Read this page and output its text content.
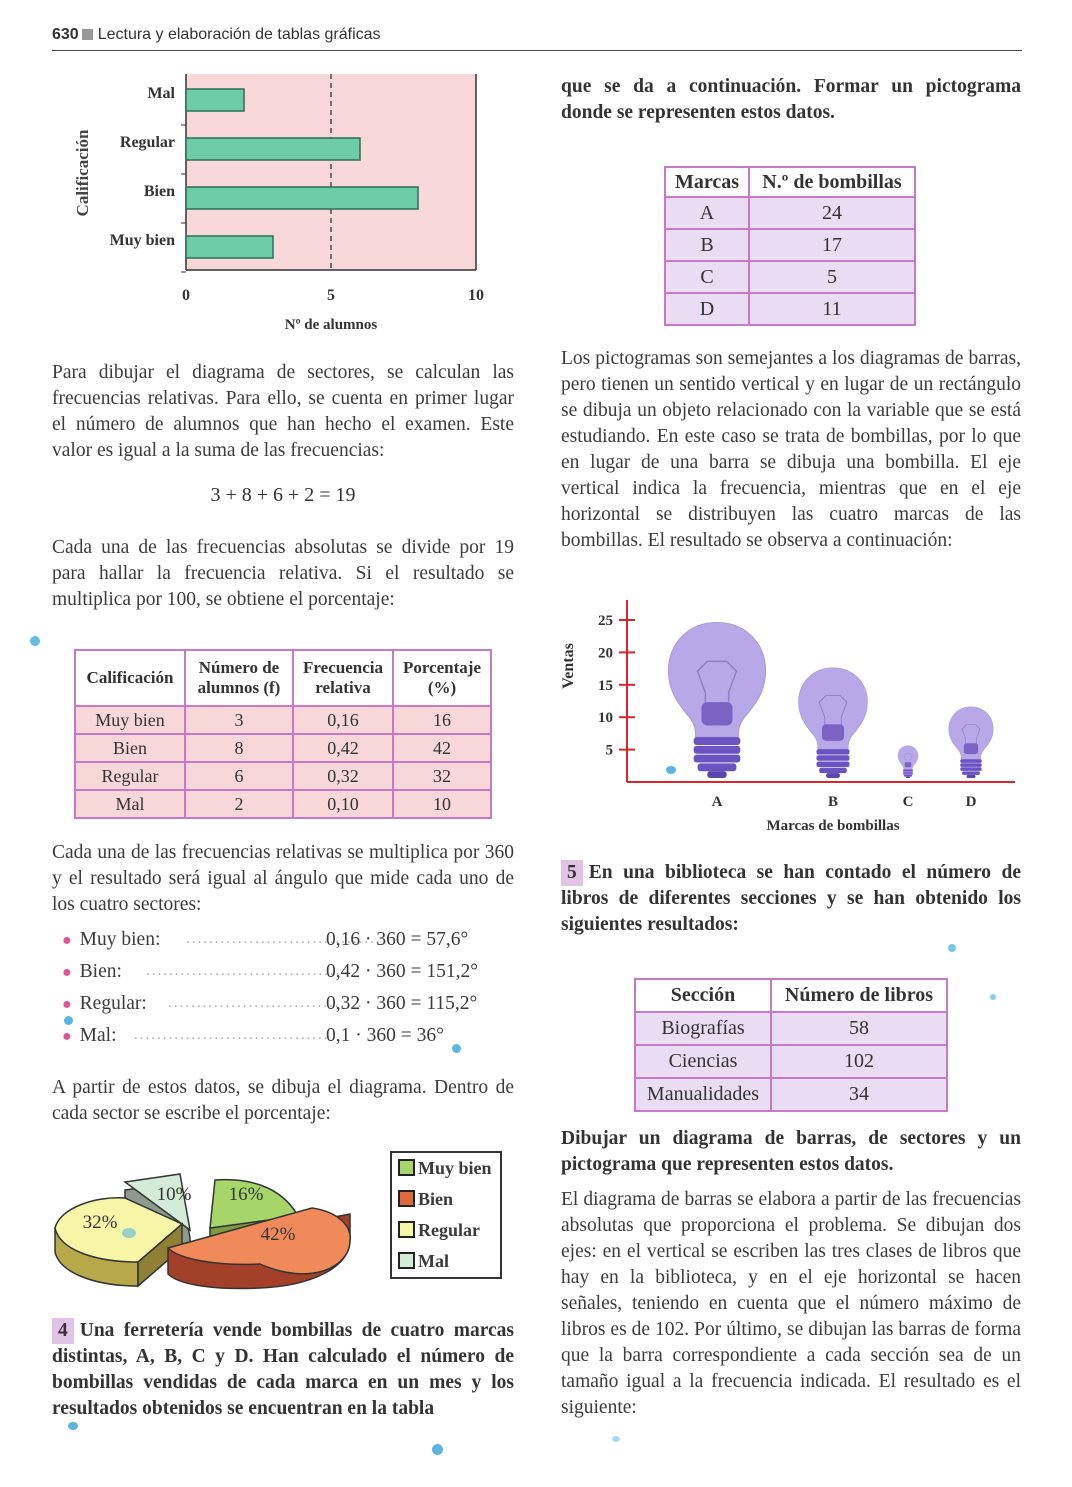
630 Lectura y elaboración de tablas gráficas
Mal
Regular
Bien
Muy bien
0	5	10
Calificación
Nº de alumnos
Para dibujar el diagrama de sectores, se calculan las frecuencias relativas. Para ello, se cuenta en primer lugar el número de alumnos que han hecho el examen. Este valor es igual a la suma de las frecuencias:
3 + 8 + 6 + 2 = 19
Cada una de las frecuencias absolutas se divide por 19 para hallar la frecuencia relativa. Si el resultado se multiplica por 100, se obtiene el porcentaje:
Calificación	Número de alumnos (f)	Frecuencia relativa	Porcentaje (%)
Muy bien	3	0,16	16
Bien	8	0,42	42
Regular	6	0,32	32
Mal	2	0,10	10
Cada una de las frecuencias relativas se multiplica por 360 y el resultado será igual al ángulo que mide cada uno de los cuatro sectores:
● Muy bien: ..................................
0,16 · 360 = 57,6°
● Bien: ..................................
0,42 · 360 = 151,2°
● Regular: ..................................
0,32 · 360 = 115,2°
● Mal: ..................................
0,1 · 360 = 36°
A partir de estos datos, se dibuja el diagrama. Dentro de cada sector se escribe el porcentaje:
10% 16%
32%
42%
Muy bien
Bien
Regular
Mal
4 Una ferretería vende bombillas de cuatro marcas distintas, A, B, C y D. Han calculado el número de bombillas vendidas de cada marca en un mes y los resultados obtenidos se encuentran en la tabla
que se da a continuación. Formar un pictograma donde se representen estos datos.
Marcas	N.º de bombillas
A	24
B	17
C	5
D	11
Los pictogramas son semejantes a los diagramas de barras, pero tienen un sentido vertical y en lugar de un rectángulo se dibuja un objeto relacionado con la variable que se está estudiando. En este caso se trata de bombillas, por lo que en lugar de una barra se dibuja una bombilla. El eje vertical indica la frecuencia, mientras que en el eje horizontal se distribuyen las cuatro marcas de las bombillas. El resultado se observa a continuación:
5
10
15
20
25
A	B	C	D
Ventas
Marcas de bombillas
5 En una biblioteca se han contado el número de libros de diferentes secciones y se han obtenido los siguientes resultados:
Sección	Número de libros
Biografías	58
Ciencias	102
Manualidades	34
Dibujar un diagrama de barras, de sectores y un pictograma que representen estos datos.
El diagrama de barras se elabora a partir de las frecuencias absolutas que proporciona el problema. Se dibujan dos ejes: en el vertical se escriben las tres clases de libros que hay en la biblioteca, y en el eje horizontal se hacen señales, teniendo en cuenta que el número máximo de libros es de 102. Por último, se dibujan las barras de forma que la barra correspondiente a cada sección sea de un tamaño igual a la frecuencia indicada. El resultado es el siguiente:
